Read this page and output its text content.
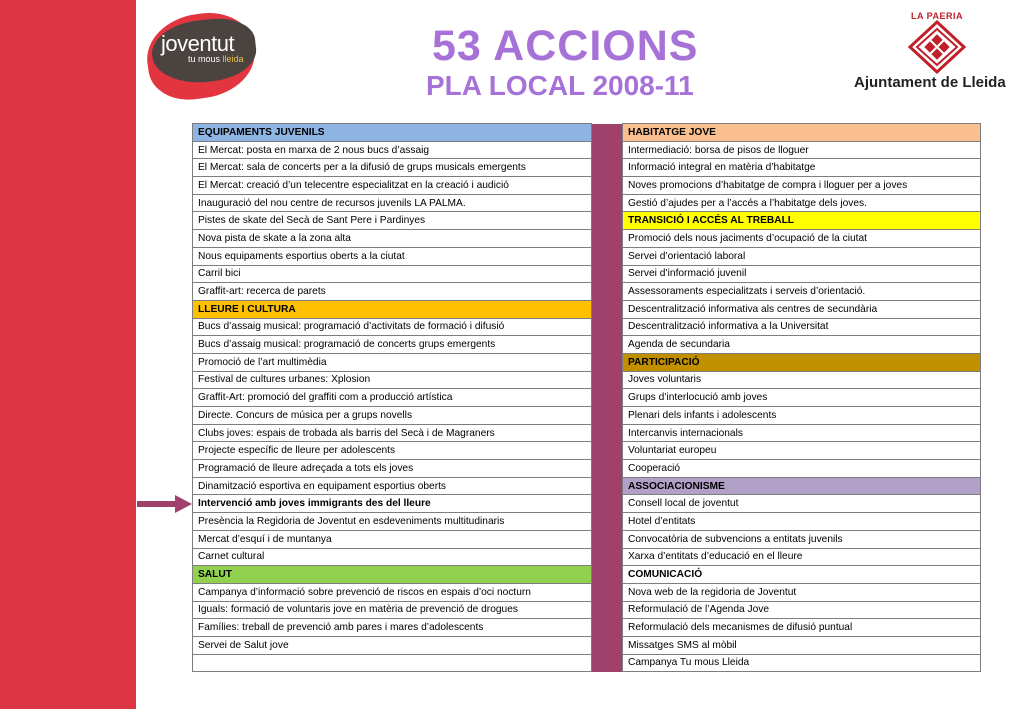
joventut
tu mous lleida	53 ACCIONS
PLA LOCAL 2008-11
LA PAERIA
Ajuntament de Lleida
EQUIPAMENTS JUVENILS		HABITATGE JOVE
El Mercat: posta en marxa de 2 nous bucs d’assaig		Intermediació: borsa de pisos de lloguer
El Mercat: sala de concerts per a la difusió de grups musicals emergents		Informació integral en matèria d’habitatge
El Mercat: creació d’un telecentre especialitzat en la creació i audició		Noves promocions d’habitatge de compra i lloguer per a joves
Inauguració del nou centre de recursos juvenils LA PALMA.		Gestió d’ajudes per a l’accés a l’habitatge dels joves.
Pistes de skate del Secà de Sant Pere i Pardinyes		TRANSICIÓ I ACCÉS AL TREBALL
Nova pista de skate a la zona alta		Promoció dels nous jaciments d’ocupació de la ciutat
Nous equipaments esportius oberts a la ciutat		Servei d’orientació laboral
Carril bici		Servei d’informació juvenil
Graffit-art: recerca de parets		Assessoraments especialitzats i serveis d’orientació.
LLEURE I CULTURA		Descentralització informativa als centres de secundària
Bucs d’assaig musical: programació d’activitats de formació i difusió		Descentralització informativa a la Universitat
Bucs d’assaig musical: programació de concerts grups emergents		Agenda de secundaria
Promoció de l’art multimèdia		PARTICIPACIÓ
Festival de cultures urbanes: Xplosion		Joves voluntaris
Graffit-Art: promoció del graffiti com a producció artística		Grups d’interlocució amb joves
Directe. Concurs de música per a grups novells		Plenari dels infants i adolescents
Clubs joves: espais de trobada als barris del Secà i de Magraners		Intercanvis internacionals
Projecte específic de lleure per adolescents		Voluntariat europeu
Programació de lleure adreçada a tots els joves		Cooperació
Dinamització esportiva en equipament esportius oberts		ASSOCIACIONISME
Intervenció amb joves immigrants des del lleure		Consell local de joventut
Presència la Regidoria de Joventut en esdeveniments multitudinaris		Hotel d’entitats
Mercat d’esquí i de muntanya		Convocatòria de subvencions a entitats juvenils
Carnet cultural		Xarxa d’entitats d’educació en el lleure
SALUT		COMUNICACIÓ
Campanya d’informació sobre prevenció de riscos en espais d’oci nocturn		Nova web de la regidoria de Joventut
Iguals: formació de voluntaris jove en matèria de prevenció de drogues		Reformulació de l’Agenda Jove
Famílies: treball de prevenció amb pares i mares d’adolescents		Reformulació dels mecanismes de difusió puntual
Servei de Salut jove		Missatges SMS al mòbil
		Campanya Tu mous Lleida
